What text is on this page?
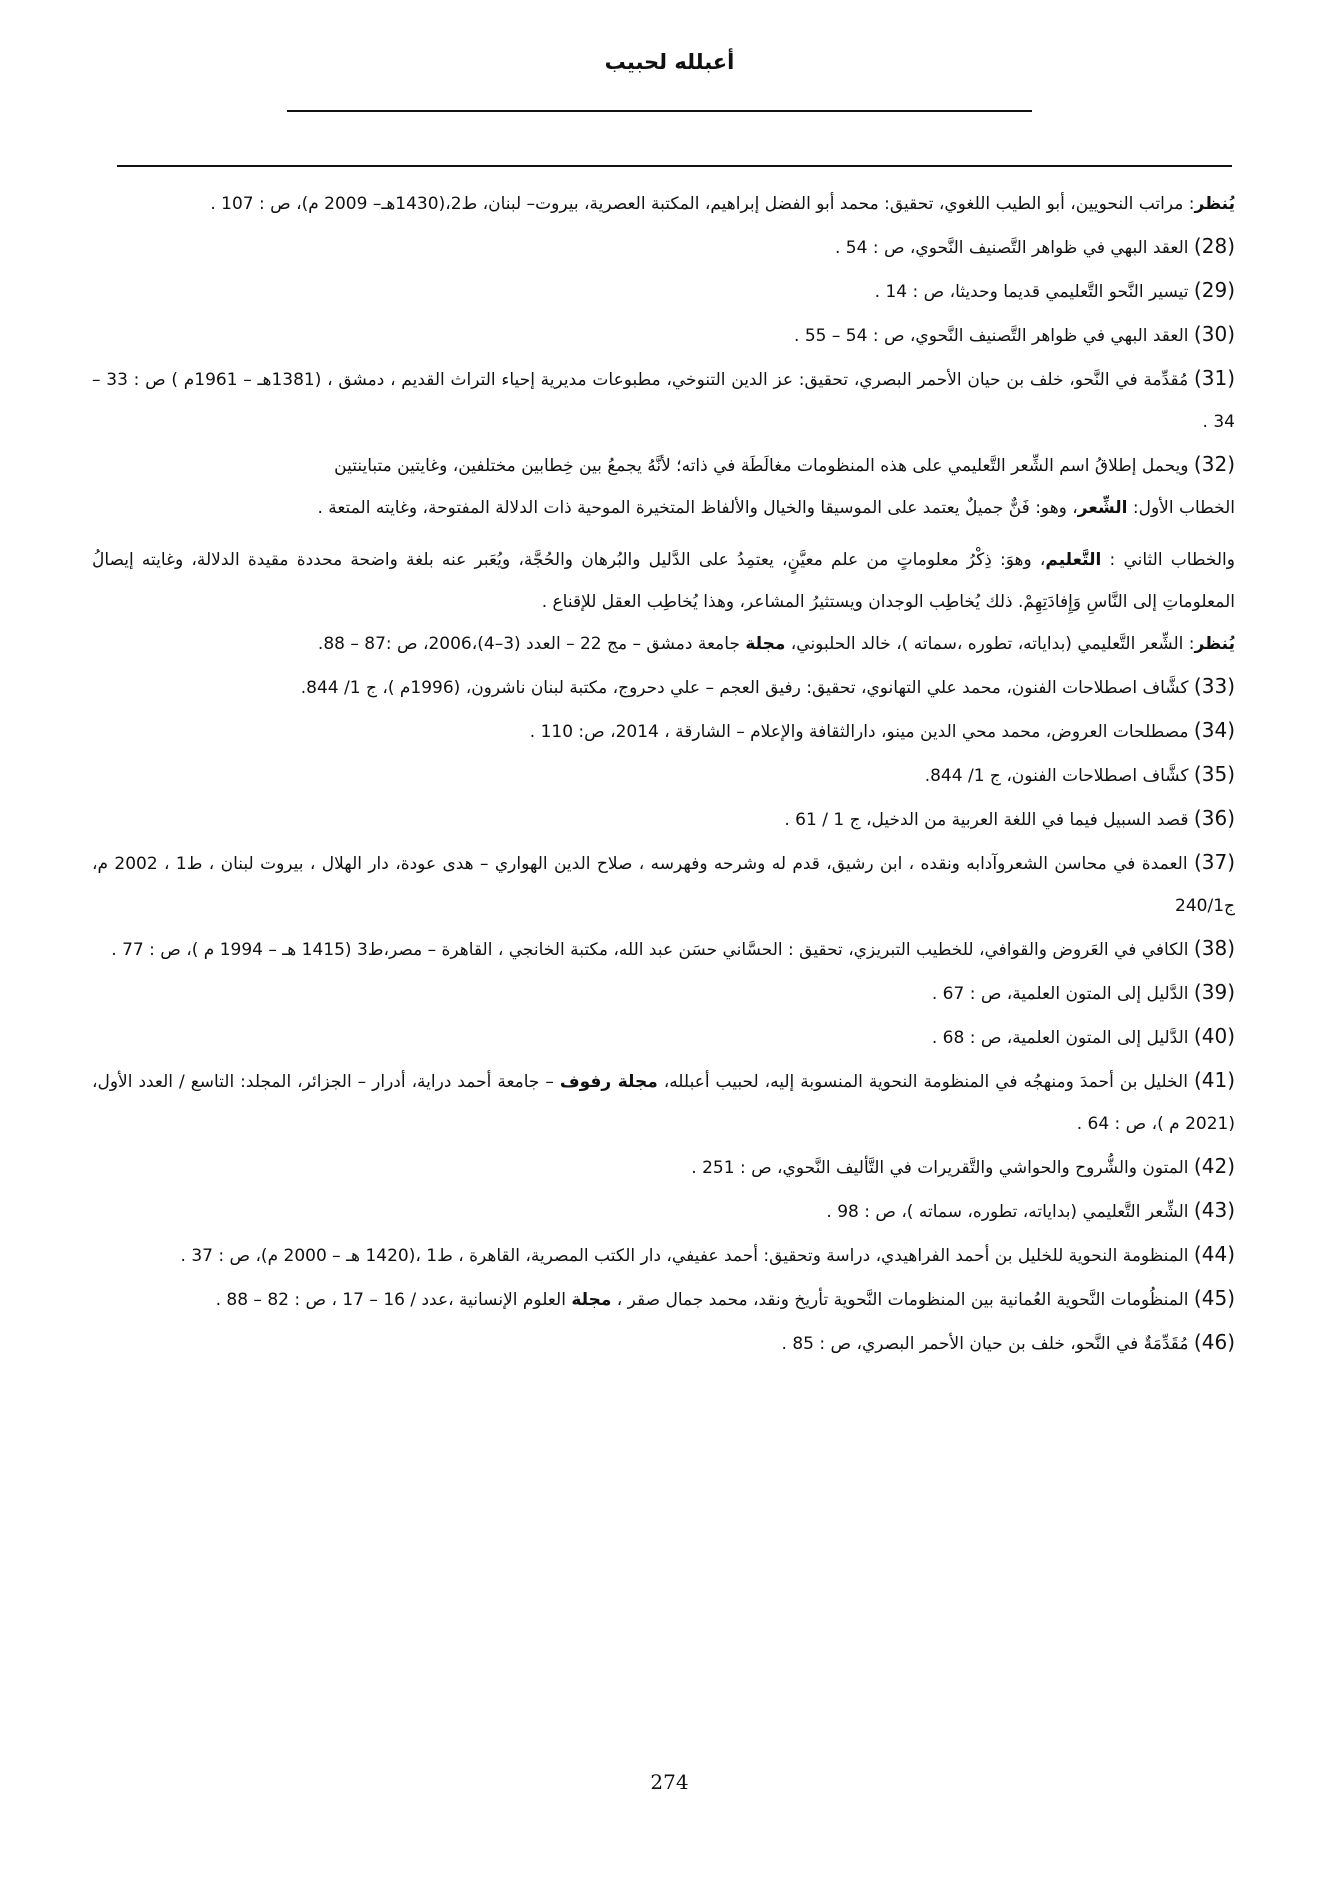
أعبلله لحبيب

يُنظر: مراتب النحويين، أبو الطيب اللغوي، تحقيق: محمد أبو الفضل إبراهيم، المكتبة العصرية، بيروت– لبنان، ط2،(1430هـ– 2009 م)، ص : 107 .

(28) العقد البهي في ظواهر التَّصنيف النَّحوي، ص : 54 .

(29) تيسير النَّحو التَّعليمي قديما وحديثا، ص : 14 .

(30) العقد البهي في ظواهر التَّصنيف النَّحوي، ص : 54 – 55 .

(31) مُقدِّمة في النَّحو، خلف بن حيان الأحمر البصري، تحقيق: عز الدين التنوخي، مطبوعات مديرية إحياء التراث القديم ، دمشق ، (1381هـ – 1961م ) ص : 33 – 34 .

(32) ويحمل إطلاقُ اسم الشِّعر التَّعليمي على هذه المنظومات مغالَطَة في ذاته؛ لأنَّهُ يجمعُ بين خِطابين مختلفين، وغايتين متباينتين

الخطاب الأول: الشِّعر، وهو: فَنٌّ جميلٌ يعتمد على الموسيقا والخيال والألفاظ المتخيرة الموحية ذات الدلالة المفتوحة، وغايته المتعة .

والخطاب الثاني : التَّعليم، وهوَ: ذِكْرُ معلوماتٍ من علم معيَّنٍ، يعتمِدُ على الدَّليل والبُرهان والحُجَّة، ويُعَبر عنه بلغة واضحة محددة مقيدة الدلالة، وغايته إيصالُ المعلوماتِ إلى النَّاسِ وَإِفادَتِهِمْ. ذلك يُخاطِب الوجدان ويستثيرُ المشاعر، وهذا يُخاطِب العقل للإقناع .

يُنظر: الشِّعر التَّعليمي (بداياته، تطوره ،سماته )، خالد الحلبوني، مجلة جامعة دمشق – مج 22 – العدد (3–4)،2006، ص :87 – 88.

(33) كشَّاف اصطلاحات الفنون، محمد علي التهانوي، تحقيق: رفيق العجم – علي دحروج، مكتبة لبنان ناشرون، (1996م )، ج 1/ 844.

(34) مصطلحات العروض، محمد محي الدين مينو، دارالثقافة والإعلام – الشارقة ، 2014، ص: 110 .

(35) كشَّاف اصطلاحات الفنون، ج 1/ 844.

(36) قصد السبيل فيما في اللغة العربية من الدخيل، ج 1 / 61 .

(37) العمدة في محاسن الشعروآدابه ونقده ، ابن رشيق، قدم له وشرحه وفهرسه ، صلاح الدين الهواري – هدى عودة، دار الهلال ، بيروت لبنان ، ط1 ، 2002 م، ج240/1

(38) الكافي في العَروض والقوافي، للخطيب التبريزي، تحقيق : الحسَّاني حسَن عبد الله، مكتبة الخانجي ، القاهرة – مصر،ط3 (1415 هـ – 1994 م )، ص : 77 .

(39) الدَّليل إلى المتون العلمية، ص : 67 .

(40) الدَّليل إلى المتون العلمية، ص : 68 .

(41) الخليل بن أحمدَ ومنهجُه في المنظومة النحوية المنسوبة إليه، لحبيب أعبلله، مجلة رفوف – جامعة أحمد دراية، أدرار – الجزائر، المجلد: التاسع / العدد الأول، (2021 م )، ص : 64 .

(42) المتون والشُّروح والحواشي والتَّقريرات في التَّأليف النَّحوي، ص : 251 .

(43) الشِّعر التَّعليمي (بداياته، تطوره، سماته )، ص : 98 .

(44) المنظومة النحوية للخليل بن أحمد الفراهيدي، دراسة وتحقيق: أحمد عفيفي، دار الكتب المصرية، القاهرة ، ط1 ،(1420 هـ – 2000 م)، ص : 37 .

(45) المنظُومات النَّحوية العُمانية بين المنظومات النَّحوية تأريخ ونقد، محمد جمال صقر ، مجلة العلوم الإنسانية ،عدد / 16 – 17 ، ص : 82 – 88 .

(46) مُقَدِّمَةٌ في النَّحو، خلف بن حيان الأحمر البصري، ص : 85 .

274
